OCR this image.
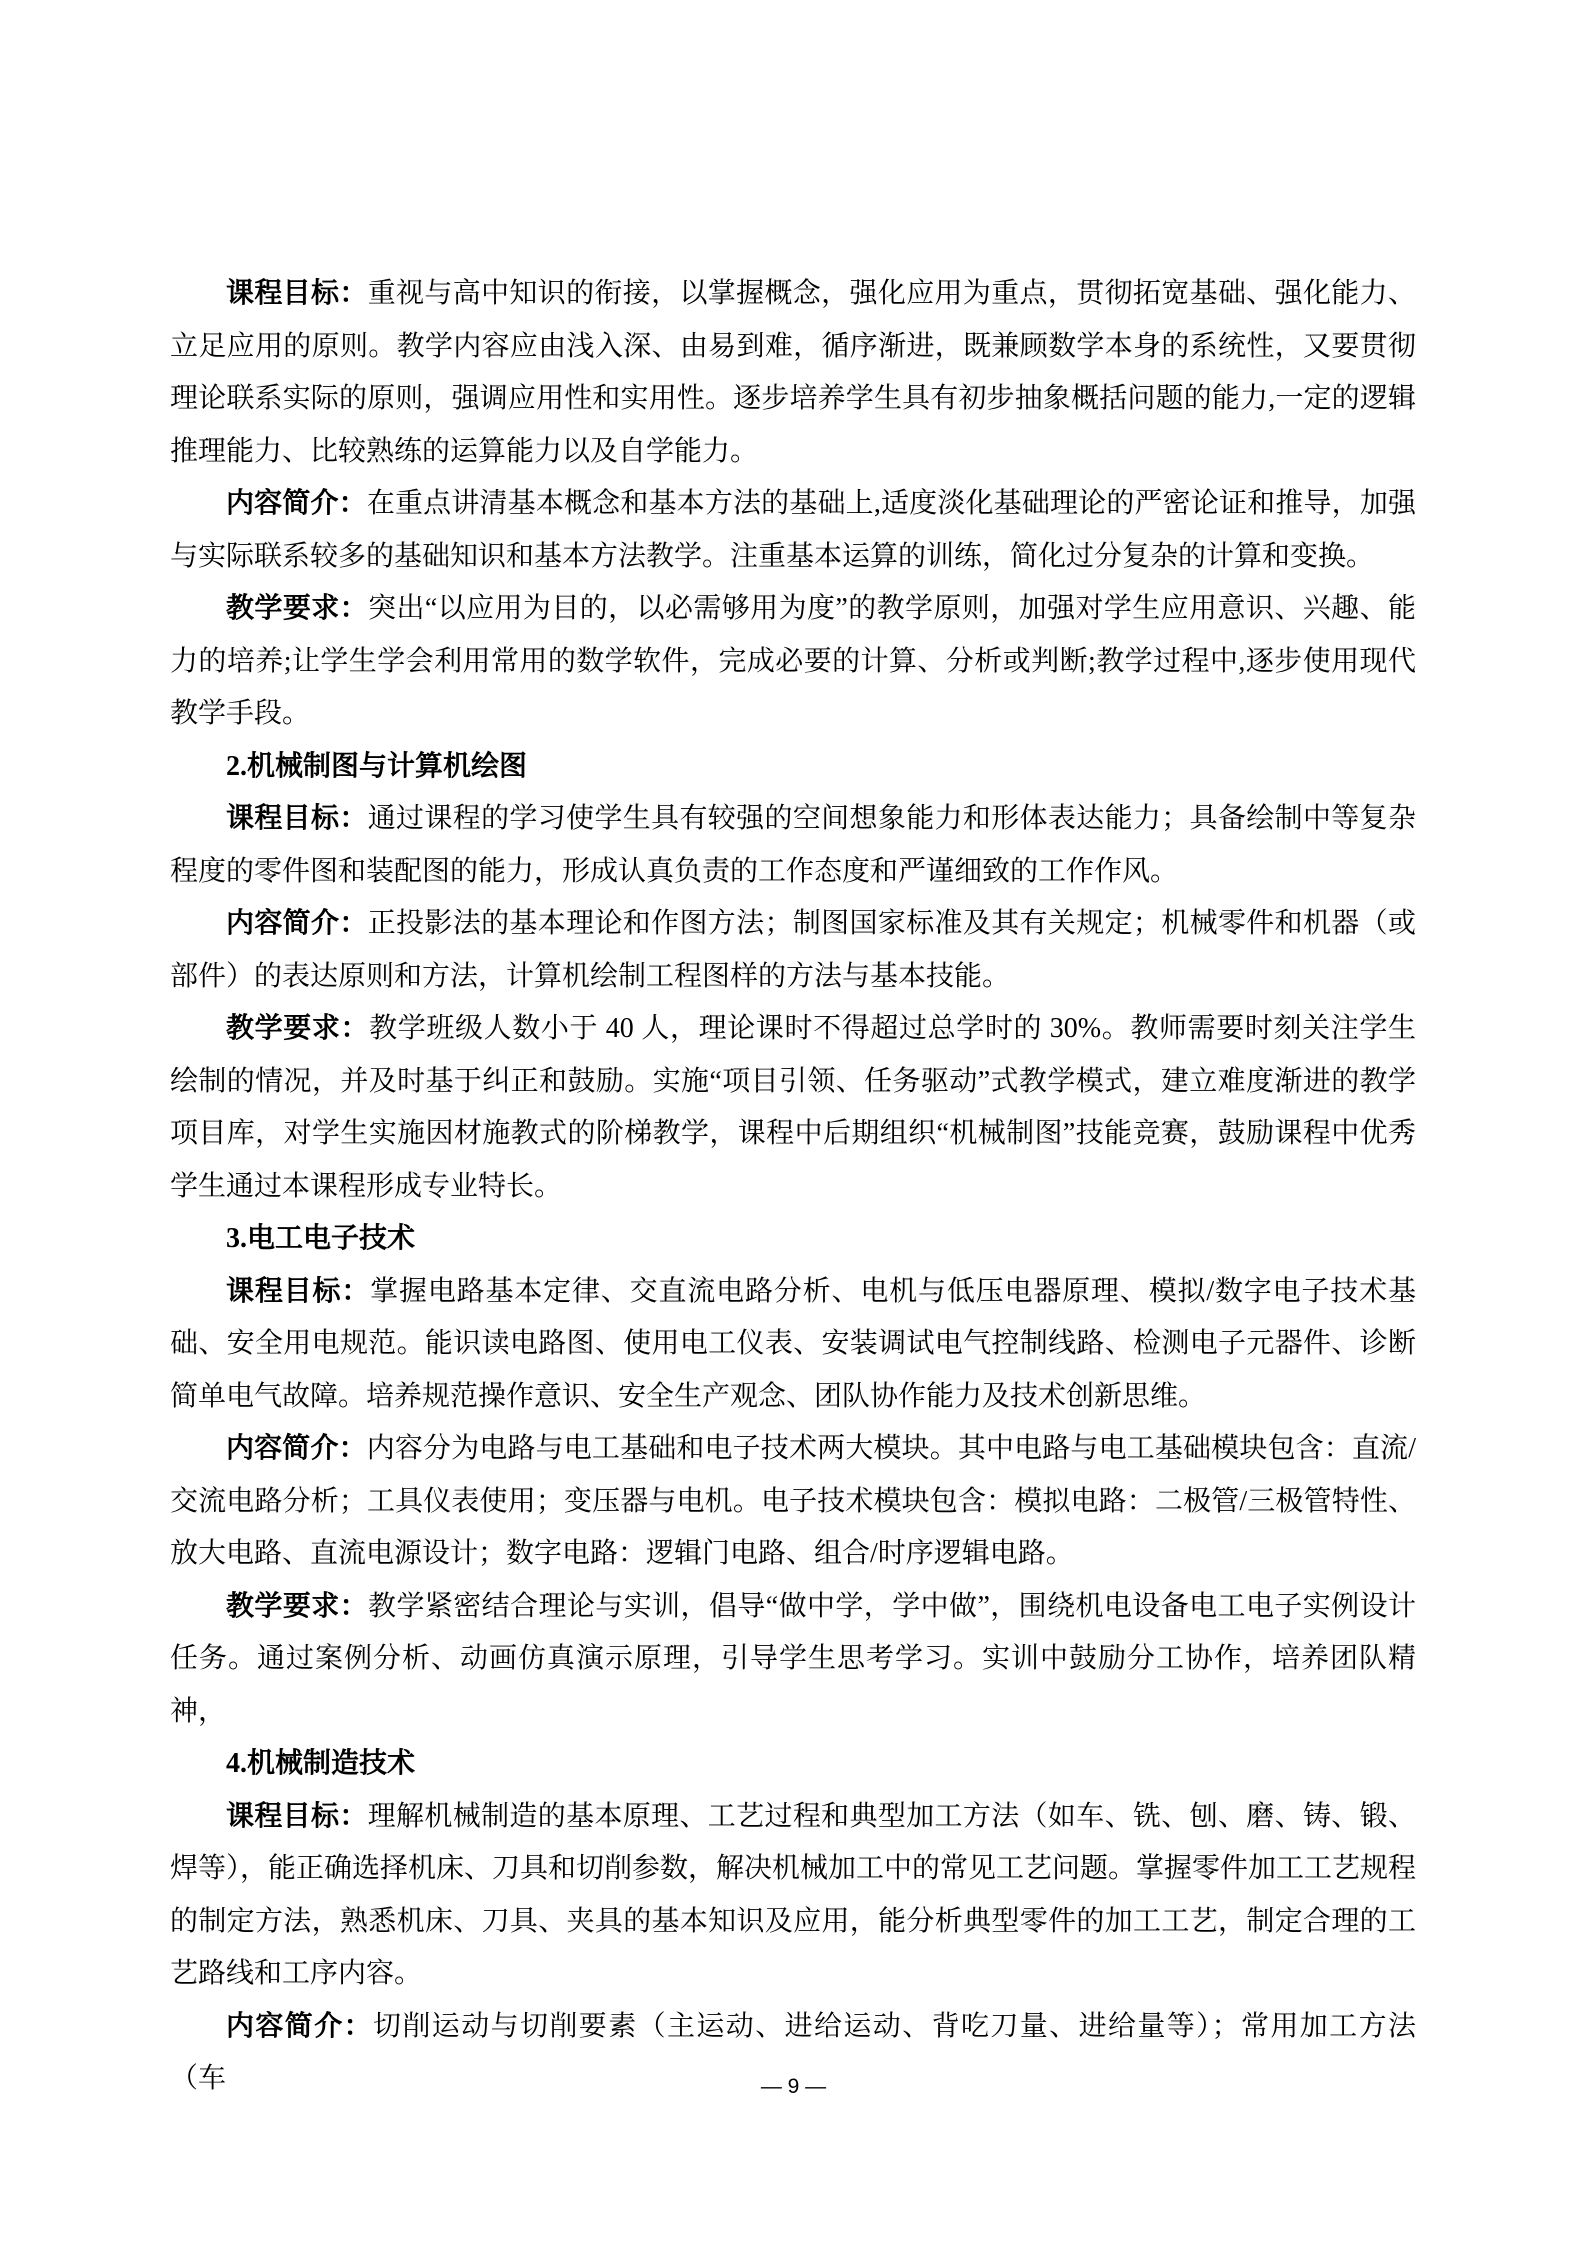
课程目标：重视与高中知识的衔接，以掌握概念，强化应用为重点，贯彻拓宽基础、强化能力、立足应用的原则。教学内容应由浅入深、由易到难，循序渐进，既兼顾数学本身的系统性，又要贯彻理论联系实际的原则，强调应用性和实用性。逐步培养学生具有初步抽象概括问题的能力,一定的逻辑推理能力、比较熟练的运算能力以及自学能力。

内容简介：在重点讲清基本概念和基本方法的基础上,适度淡化基础理论的严密论证和推导，加强与实际联系较多的基础知识和基本方法教学。注重基本运算的训练，简化过分复杂的计算和变换。

教学要求：突出“以应用为目的，以必需够用为度”的教学原则，加强对学生应用意识、兴趣、能力的培养;让学生学会利用常用的数学软件，完成必要的计算、分析或判断;教学过程中,逐步使用现代教学手段。

2.机械制图与计算机绘图

课程目标：通过课程的学习使学生具有较强的空间想象能力和形体表达能力；具备绘制中等复杂程度的零件图和装配图的能力，形成认真负责的工作态度和严谨细致的工作作风。

内容简介：正投影法的基本理论和作图方法；制图国家标准及其有关规定；机械零件和机器（或部件）的表达原则和方法，计算机绘制工程图样的方法与基本技能。

教学要求：教学班级人数小于 40 人，理论课时不得超过总学时的 30%。教师需要时刻关注学生绘制的情况，并及时基于纠正和鼓励。实施“项目引领、任务驱动”式教学模式，建立难度渐进的教学项目库，对学生实施因材施教式的阶梯教学，课程中后期组织“机械制图”技能竞赛，鼓励课程中优秀学生通过本课程形成专业特长。

3.电工电子技术

课程目标：掌握电路基本定律、交直流电路分析、电机与低压电器原理、模拟/数字电子技术基础、安全用电规范。能识读电路图、使用电工仪表、安装调试电气控制线路、检测电子元器件、诊断简单电气故障。培养规范操作意识、安全生产观念、团队协作能力及技术创新思维。

内容简介：内容分为电路与电工基础和电子技术两大模块。其中电路与电工基础模块包含：直流/交流电路分析；工具仪表使用；变压器与电机。电子技术模块包含：模拟电路：二极管/三极管特性、放大电路、直流电源设计；数字电路：逻辑门电路、组合/时序逻辑电路。

教学要求：教学紧密结合理论与实训，倡导“做中学，学中做”，围绕机电设备电工电子实例设计任务。通过案例分析、动画仿真演示原理，引导学生思考学习。实训中鼓励分工协作，培养团队精神，

4.机械制造技术

课程目标：理解机械制造的基本原理、工艺过程和典型加工方法（如车、铣、刨、磨、铸、锻、焊等），能正确选择机床、刀具和切削参数，解决机械加工中的常见工艺问题。掌握零件加工工艺规程的制定方法，熟悉机床、刀具、夹具的基本知识及应用，能分析典型零件的加工工艺，制定合理的工艺路线和工序内容。

内容简介：切削运动与切削要素（主运动、进给运动、背吃刀量、进给量等）；常用加工方法（车	— 9 —
